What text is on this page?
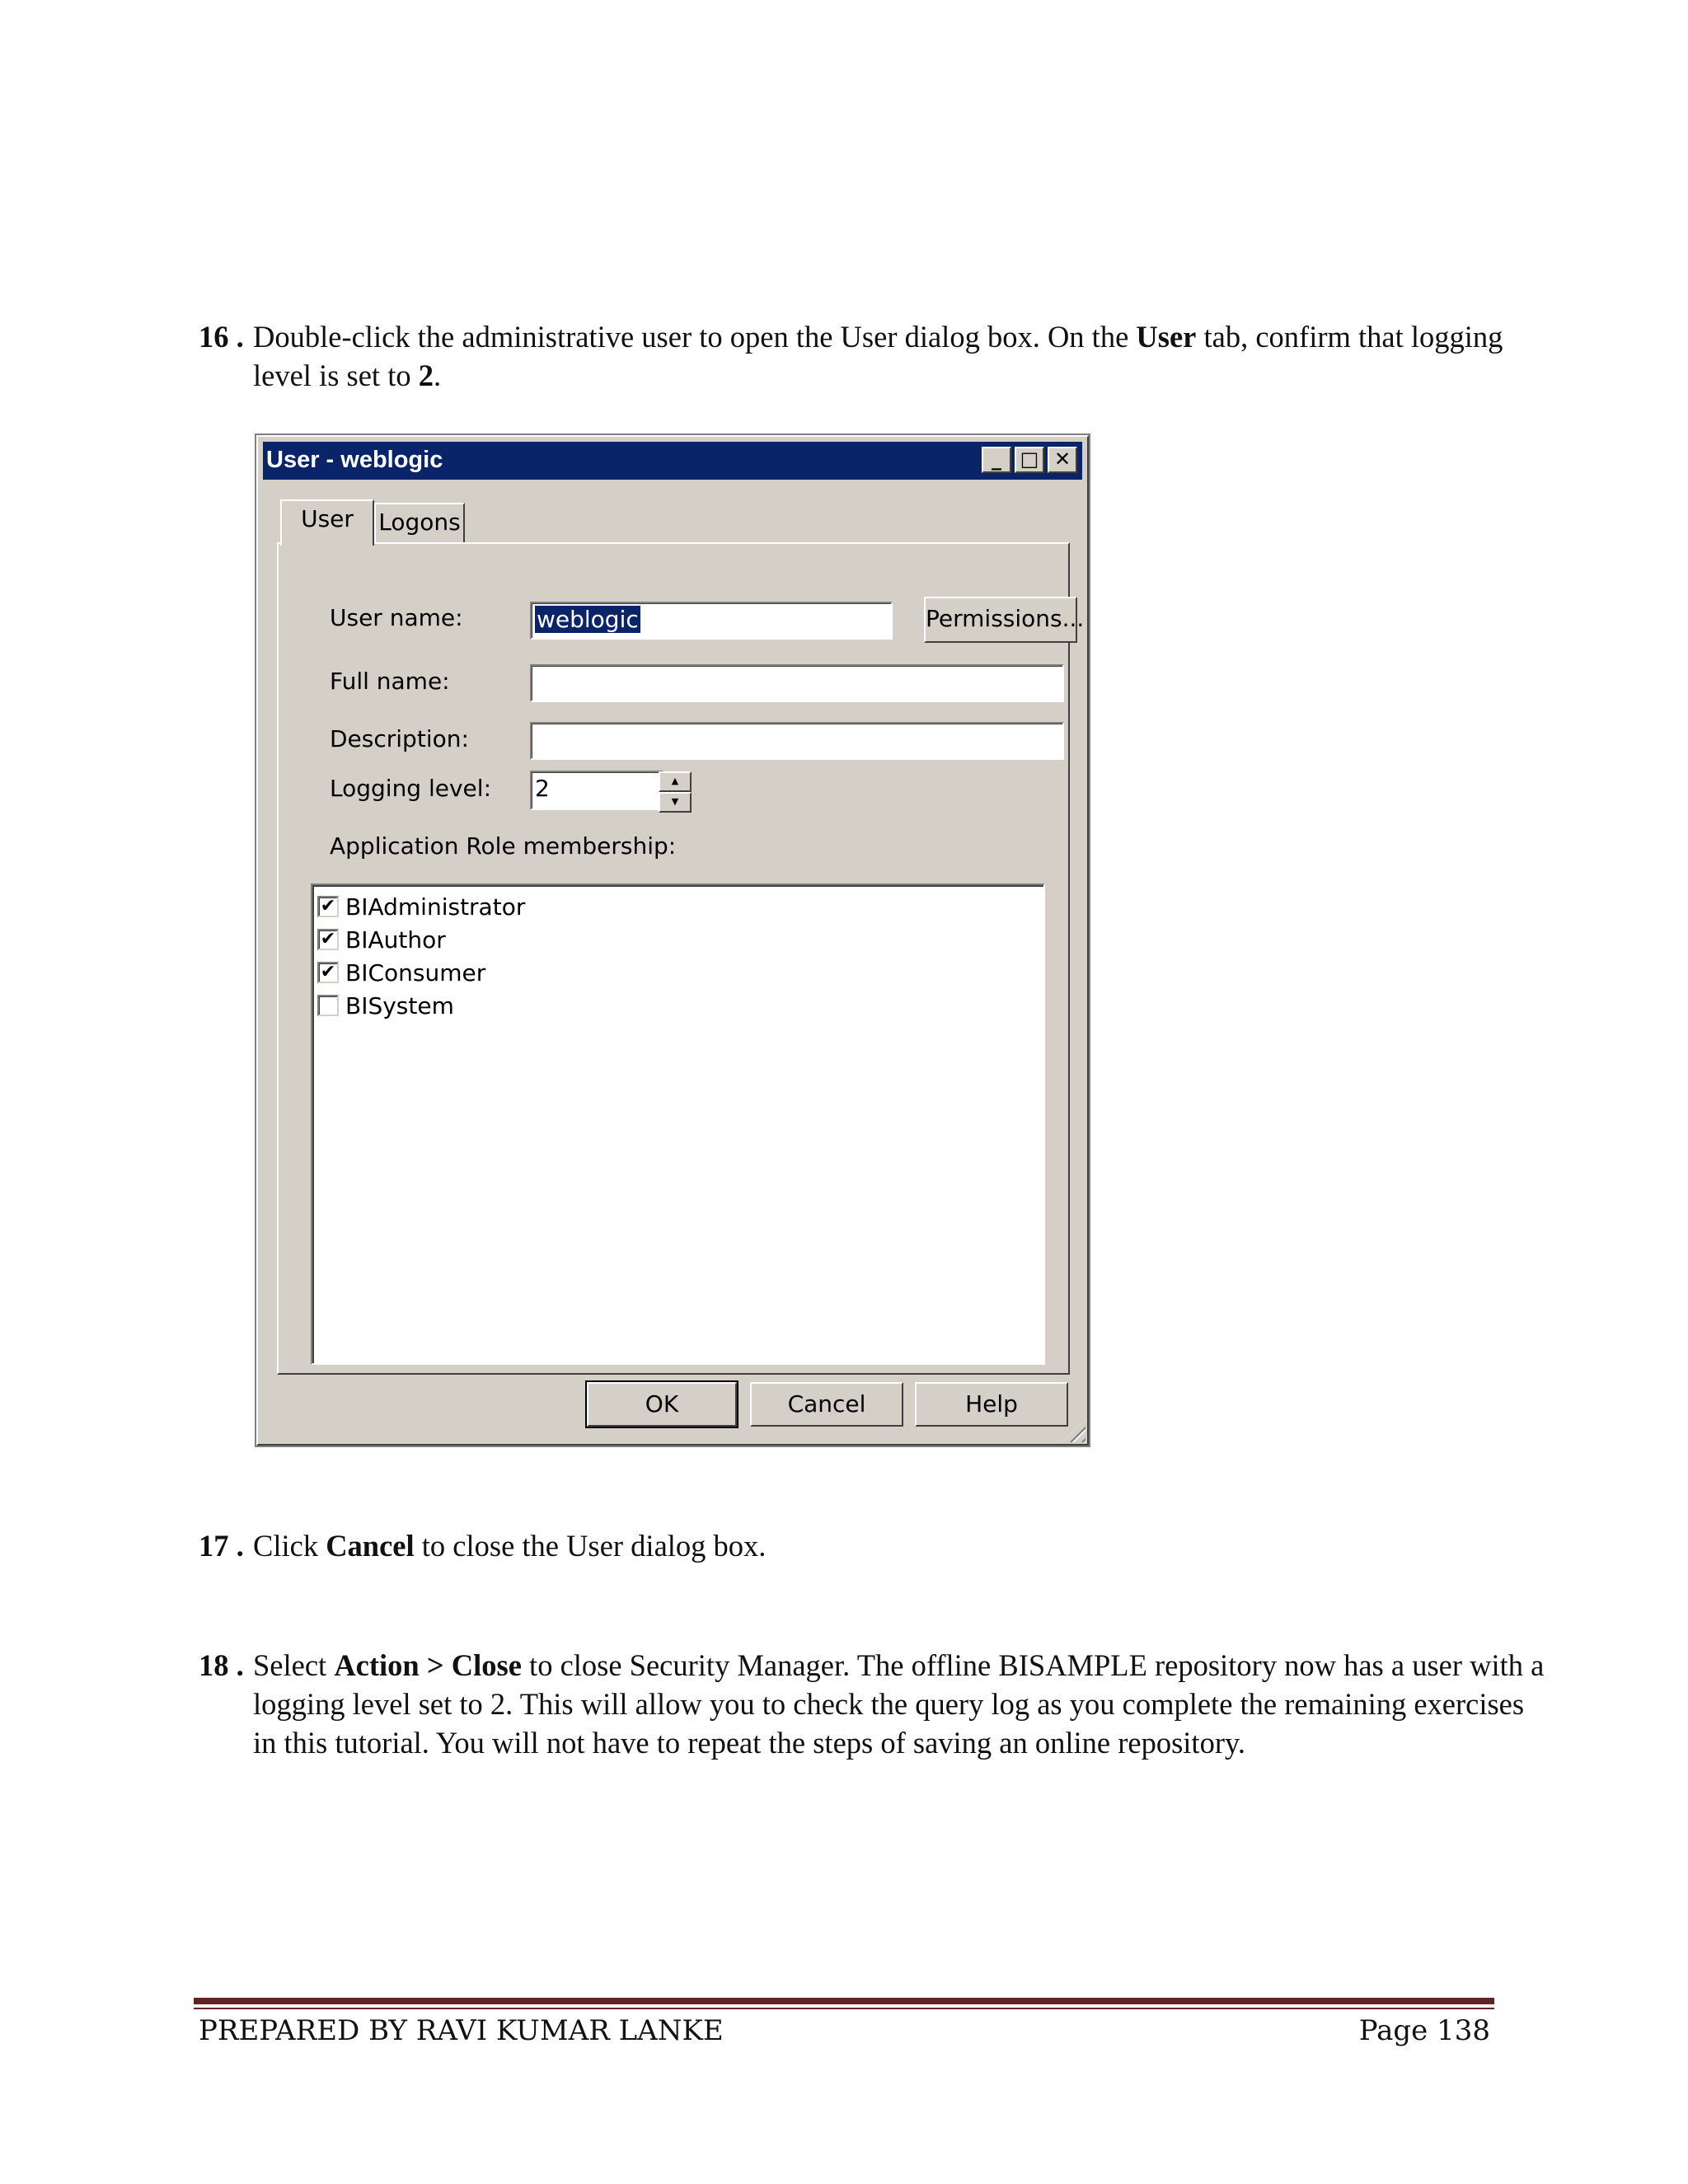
16 . Double-click the administrative user to open the User dialog box. On the User tab, confirm that logging level is set to 2.
User - weblogic	_ □ ✕
User	Logons
User name:	weblogic	Permissions...
Full name:
Description:
Logging level: 2	▲
▼
Application Role membership:
✔ BIAdministrator
✔ BIAuthor
✔ BIConsumer
BISystem
OK	Cancel	Help
17 . Click Cancel to close the User dialog box.
18 . Select Action > Close to close Security Manager. The offline BISAMPLE repository now has a user with a logging level set to 2. This will allow you to check the query log as you complete the remaining exercises in this tutorial. You will not have to repeat the steps of saving an online repository.
PREPARED BY RAVI KUMAR LANKE	Page 138
